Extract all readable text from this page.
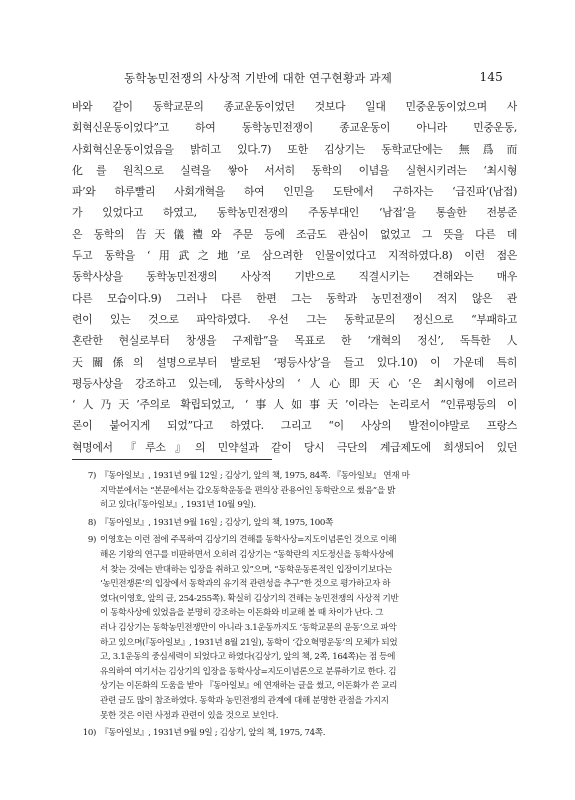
동학농민전쟁의 사상적 기반에 대한 연구현황과 과제	145

바와 같이 동학교문의 종교운동이었던 것보다 일대 민중운동이었으며 사

회혁신운동이었다”고 하여 동학농민전쟁이 종교운동이 아니라 민중운동,

사회혁신운동이었음을 밝히고 있다.7) 또한 김상기는 동학교단에는 無爲而

化를 원칙으로 실력을 쌓아 서서히 동학의 이념을 실현시키려는 ‘최시형

파’와 하루빨리 사회개혁을 하여 인민을 도탄에서 구하자는 ‘급진파’(남접)

가 있었다고 하였고, 동학농민전쟁의 주동부대인 ‘남접’을 통솔한 전봉준

은 동학의 告天儀禮와 주문 등에 조금도 관심이 없었고 그 뜻을 다른 데

두고 동학을 ‘用武之地’로 삼으려한 인물이었다고 지적하였다.8) 이런 점은

동학사상을 동학농민전쟁의 사상적 기반으로 직결시키는 견해와는 매우

다른 모습이다.9) 그러나 다른 한편 그는 동학과 농민전쟁이 적지 않은 관

련이 있는 것으로 파악하였다. 우선 그는 동학교문의 정신으로 “부패하고

혼란한 현실로부터 창생을 구제함”을 목표로 한 ‘개혁의 정신’, 독특한 人

天關係의 설명으로부터 발로된 ‘평등사상’을 들고 있다.10) 이 가운데 특히

평등사상을 강조하고 있는데, 동학사상의 ‘人心即天心’은 최시형에 이르러

‘人乃天’주의로 확립되었고, ‘事人如事天’이라는 논리로서 “인류평등의 이

론이 붙어지게 되었”다고 하였다. 그리고 “이 사상의 발전이야말로 프랑스

혁명에서 『루소』의 민약설과 같이 당시 극단의 계급제도에 희생되어 있던

7) 『동아일보』, 1931년 9월 12일 ; 김상기, 앞의 책, 1975, 84쪽. 『동아일보』 연재 마
지막분에서는 “본문에서는 갑오동학운동을 편의상 관용어인 동학란으로 썼음”을 밝
히고 있다(『동아일보』, 1931년 10월 9일).
8) 『동아일보』, 1931년 9월 16일 ; 김상기, 앞의 책, 1975, 100쪽
9) 이영호는 이런 점에 주목하여 김상기의 견해를 동학사상=지도이념론인 것으로 이해
해온 기왕의 연구를 비판하면서 오히려 김상기는 “동학란의 지도정신을 동학사상에
서 찾는 것에는 반대하는 입장을 취하고 있”으며, “동학운동론적인 입장이기보다는
‘농민전쟁론’의 입장에서 동학과의 유기적 관련성을 추구”한 것으로 평가하고자 하
였다(이영호, 앞의 글, 254-255쪽). 확실히 김상기의 견해는 농민전쟁의 사상적 기반
이 동학사상에 있었음을 분명히 강조하는 이돈화와 비교해 볼 때 차이가 난다. 그
러나 김상기는 동학농민전쟁만이 아니라 3.1운동까지도 ‘동학교문의 운동’으로 파악
하고 있으며(『동아일보』, 1931년 8월 21일), 동학이 ‘갑오혁명운동’의 모체가 되었
고, 3.1운동의 중심세력이 되었다고 하였다(김상기, 앞의 책, 2쪽, 164쪽)는 점 등에
유의하여 여기서는 김상기의 입장을 동학사상=지도이념론으로 분류하기로 한다. 김
상기는 이돈화의 도움을 받아 『동아일보』에 연재하는 글을 썼고, 이돈화가 쓴 교리
관련 글도 많이 참조하였다. 동학과 농민전쟁의 관계에 대해 분명한 관점을 가지지
못한 것은 이런 사정과 관련이 있을 것으로 보인다.
10) 『동아일보』, 1931년 9월 9일 ; 김상기, 앞의 책, 1975, 74쪽.
